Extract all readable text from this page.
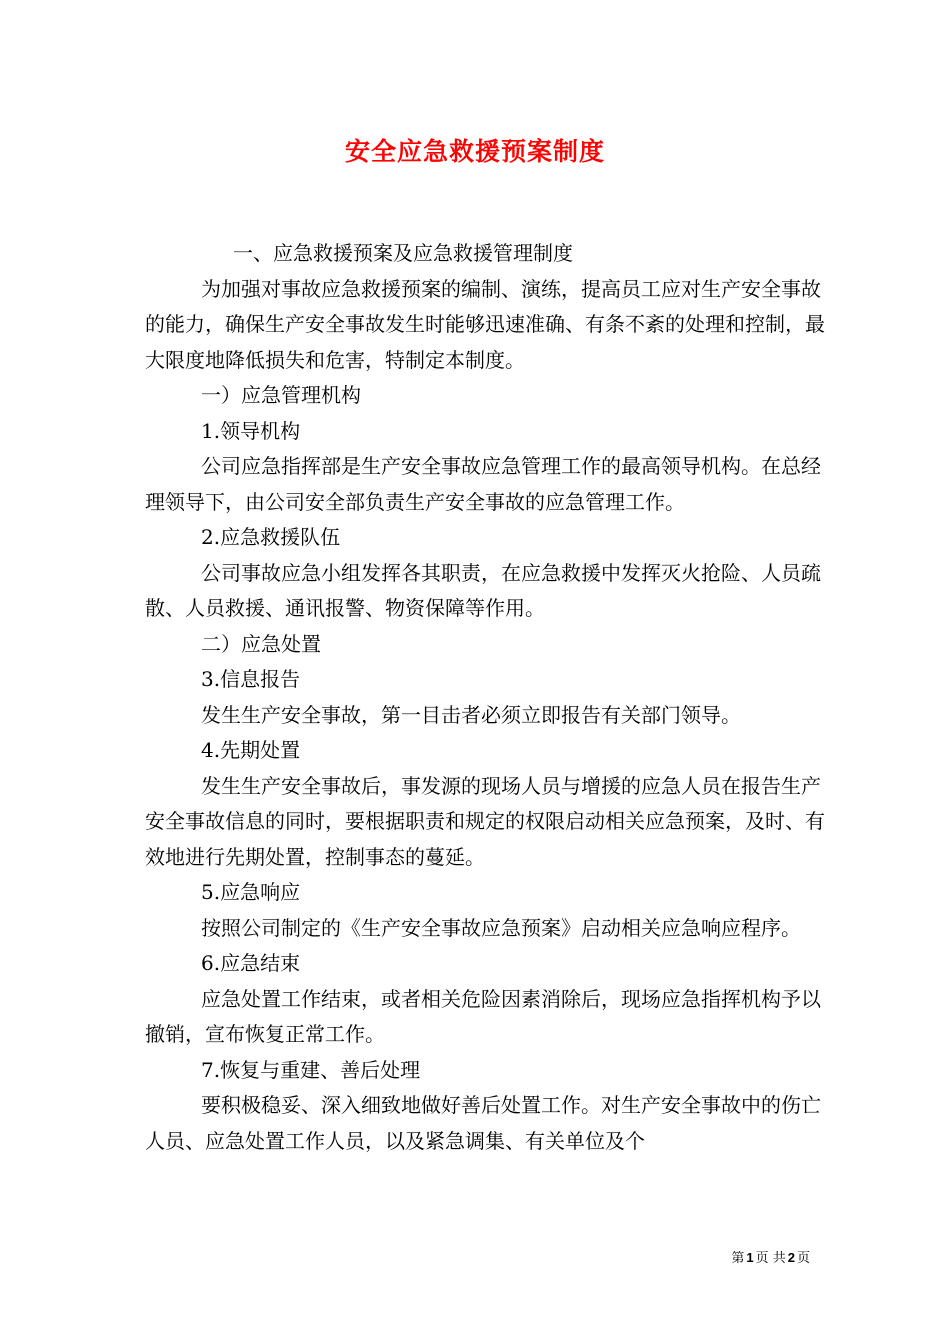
安全应急救援预案制度

一、应急救援预案及应急救援管理制度

为加强对事故应急救援预案的编制、演练，提高员工应对生产安全事故的能力，确保生产安全事故发生时能够迅速准确、有条不紊的处理和控制，最大限度地降低损失和危害，特制定本制度。

一）应急管理机构

1.领导机构

公司应急指挥部是生产安全事故应急管理工作的最高领导机构。在总经理领导下，由公司安全部负责生产安全事故的应急管理工作。

2.应急救援队伍

公司事故应急小组发挥各其职责，在应急救援中发挥灭火抢险、人员疏散、人员救援、通讯报警、物资保障等作用。

二）应急处置

3.信息报告

发生生产安全事故，第一目击者必须立即报告有关部门领导。

4.先期处置

发生生产安全事故后，事发源的现场人员与增援的应急人员在报告生产安全事故信息的同时，要根据职责和规定的权限启动相关应急预案，及时、有效地进行先期处置，控制事态的蔓延。

5.应急响应

按照公司制定的《生产安全事故应急预案》启动相关应急响应程序。

6.应急结束

应急处置工作结束，或者相关危险因素消除后，现场应急指挥机构予以撤销，宣布恢复正常工作。

7.恢复与重建、善后处理

要积极稳妥、深入细致地做好善后处置工作。对生产安全事故中的伤亡人员、应急处置工作人员，以及紧急调集、有关单位及个

第 1 页 共 2 页
